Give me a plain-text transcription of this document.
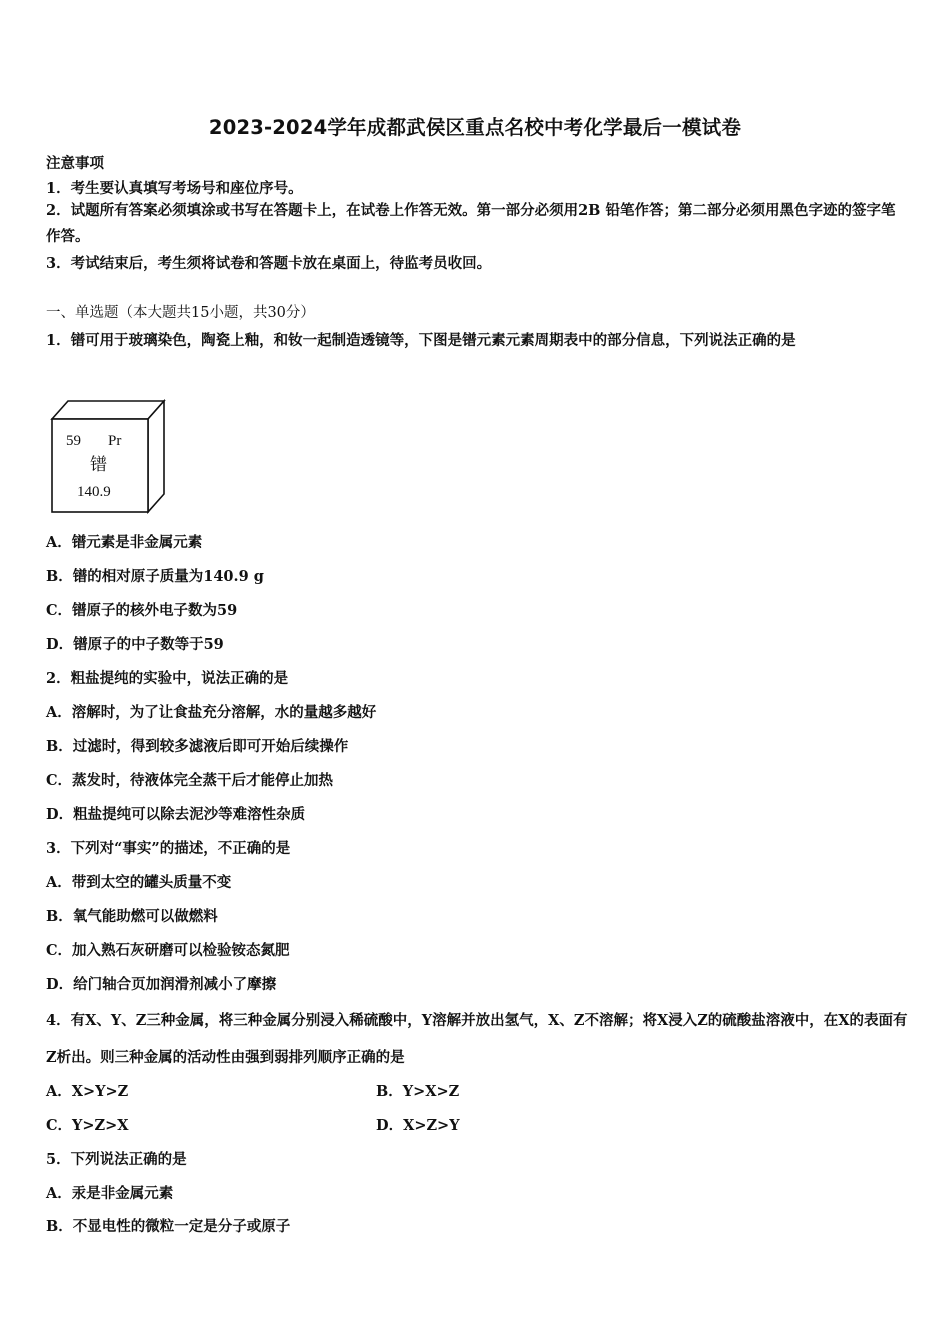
2023-2024学年成都武侯区重点名校中考化学最后一模试卷
注意事项
1．考生要认真填写考场号和座位序号。
2．试题所有答案必须填涂或书写在答题卡上，在试卷上作答无效。第一部分必须用2B 铅笔作答；第二部分必须用黑色字迹的签字笔作答。
3．考试结束后，考生须将试卷和答题卡放在桌面上，待监考员收回。
一、单选题（本大题共15小题，共30分）
1．镨可用于玻璃染色，陶瓷上釉，和钕一起制造透镜等，下图是镨元素元素周期表中的部分信息，下列说法正确的是
59 Pr
镨
140.9
A．镨元素是非金属元素
B．镨的相对原子质量为140.9 g
C．镨原子的核外电子数为59
D．镨原子的中子数等于59
2．粗盐提纯的实验中，说法正确的是
A．溶解时，为了让食盐充分溶解，水的量越多越好
B．过滤时，得到较多滤液后即可开始后续操作
C．蒸发时，待液体完全蒸干后才能停止加热
D．粗盐提纯可以除去泥沙等难溶性杂质
3．下列对“事实”的描述，不正确的是
A．带到太空的罐头质量不变
B．氧气能助燃可以做燃料
C．加入熟石灰研磨可以检验铵态氮肥
D．给门轴合页加润滑剂减小了摩擦
4．有X、Y、Z三种金属，将三种金属分别浸入稀硫酸中，Y溶解并放出氢气，X、Z不溶解；将X浸入Z的硫酸盐溶液中，在X的表面有Z析出。则三种金属的活动性由强到弱排列顺序正确的是
A．X>Y>Z	B．Y>X>Z
C．Y>Z>X	D．X>Z>Y
5．下列说法正确的是
A．汞是非金属元素
B．不显电性的微粒一定是分子或原子
